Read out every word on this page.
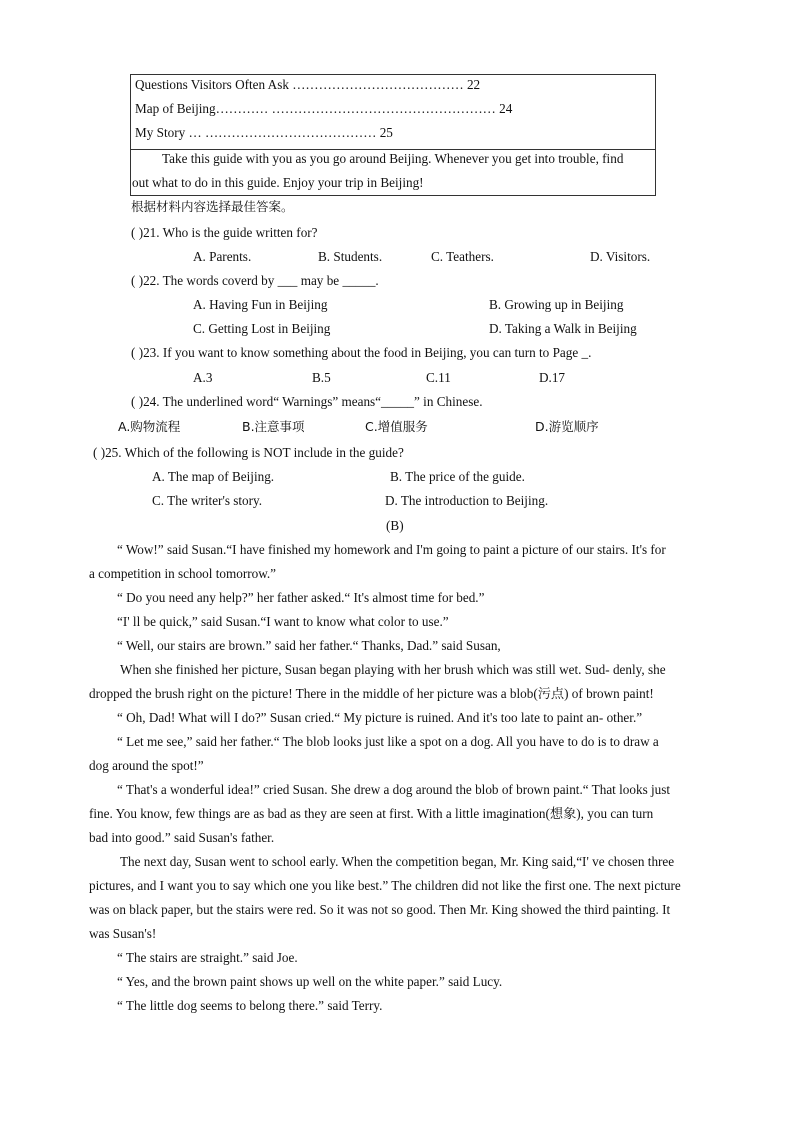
Questions Visitors Often Ask ………………………………… 22
Map of Beijing………… …………………………………………… 24
My Story … ………………………………… 25
Take this guide with you as you go around Beijing. Whenever you get into trouble, find
out what to do in this guide. Enjoy your trip in Beijing!
根据材料内容选择最佳答案。
( )21. Who is the guide written for?
A. Parents.	B. Students.	C. Teathers.	D. Visitors.
( )22. The words coverd by ___ may be _____.
A. Having Fun in Beijing	B. Growing up in Beijing
C. Getting Lost in Beijing	D. Taking a Walk in Beijing
( )23. If you want to know something about the food in Beijing, you can turn to Page _.
A.3	B.5	C.11	D.17
( )24. The underlined word“ Warnings” means“_____” in Chinese.
A.购物流程	B.注意事项	C.增值服务	D.游览顺序
( )25. Which of the following is NOT include in the guide?
A. The map of Beijing.	B. The price of the guide.
C. The writer's story.	D. The introduction to Beijing.
(B)
“ Wow!” said Susan.“I have finished my homework and I'm going to paint a picture of our stairs. It's for
a competition in school tomorrow.”
“ Do you need any help?” her father asked.“ It's almost time for bed.”
“I' ll be quick,” said Susan.“I want to know what color to use.”
“ Well, our stairs are brown.” said her father.“ Thanks, Dad.” said Susan,
When she finished her picture, Susan began playing with her brush which was still wet. Sud- denly, she
dropped the brush right on the picture! There in the middle of her picture was a blob(污点) of brown paint!
“ Oh, Dad! What will I do?” Susan cried.“ My picture is ruined. And it's too late to paint an- other.”
“ Let me see,” said her father.“ The blob looks just like a spot on a dog. All you have to do is to draw a
dog around the spot!”
“ That's a wonderful idea!” cried Susan. She drew a dog around the blob of brown paint.“ That looks just
fine. You know, few things are as bad as they are seen at first. With a little imagination(想象), you can turn
bad into good.” said Susan's father.
The next day, Susan went to school early. When the competition began, Mr. King said,“I' ve chosen three
pictures, and I want you to say which one you like best.” The children did not like the first one. The next picture
was on black paper, but the stairs were red. So it was not so good. Then Mr. King showed the third painting. It
was Susan's!
“ The stairs are straight.” said Joe.
“ Yes, and the brown paint shows up well on the white paper.” said Lucy.
“ The little dog seems to belong there.” said Terry.
